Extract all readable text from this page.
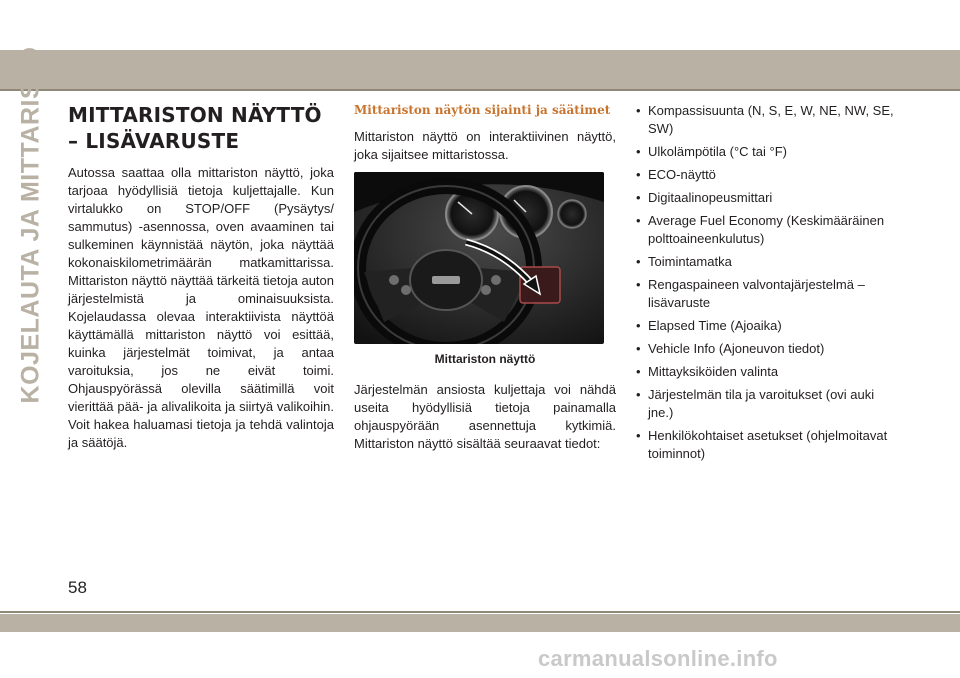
KOJELAUTA JA MITTARISTO MITTARISTON NÄYTTÖ – LISÄVARUSTE

Autossa saattaa olla mittariston näyttö, joka tarjoaa hyödyllisiä tietoja kuljettajalle. Kun virtalukko on STOP/OFF (Pysäytys/ sammutus) -asennossa, oven avaaminen tai sulkeminen käynnistää näytön, joka näyttää kokonaiskilometrimäärän matkamittarissa. Mittariston näyttö näyttää tärkeitä tietoja auton järjestelmistä ja ominaisuuksista. Kojelaudassa olevaa interaktiivista näyttöä käyttämällä mittariston näyttö voi esittää, kuinka järjestelmät toimivat, ja antaa varoituksia, jos ne eivät toimi. Ohjauspyörässä olevilla säätimillä voit vierittää pää- ja alivalikoita ja siirtyä valikoihin. Voit hakea haluamasi tietoja ja tehdä valintoja ja säätöjä.

Mittariston näytön sijainti ja säätimet

Mittariston näyttö on interaktiivinen näyttö, joka sijaitsee mittaristossa.

Mittariston näyttö

Järjestelmän ansiosta kuljettaja voi nähdä useita hyödyllisiä tietoja painamalla ohjauspyörään asennettuja kytkimiä. Mittariston näyttö sisältää seuraavat tiedot:

• Kompassisuunta (N, S, E, W, NE, NW, SE, SW)
• Ulkolämpötila (°C tai °F)
• ECO-näyttö
• Digitaalinopeusmittari
• Average Fuel Economy (Keskimääräinen polttoaineenkulutus)
• Toimintamatka
• Rengaspaineen valvontajärjestelmä – lisävaruste
• Elapsed Time (Ajoaika)
• Vehicle Info (Ajoneuvon tiedot)
• Mittayksiköiden valinta
• Järjestelmän tila ja varoitukset (ovi auki jne.)
• Henkilökohtaiset asetukset (ohjelmoitavat toiminnot)
58
carmanualsonline.info
